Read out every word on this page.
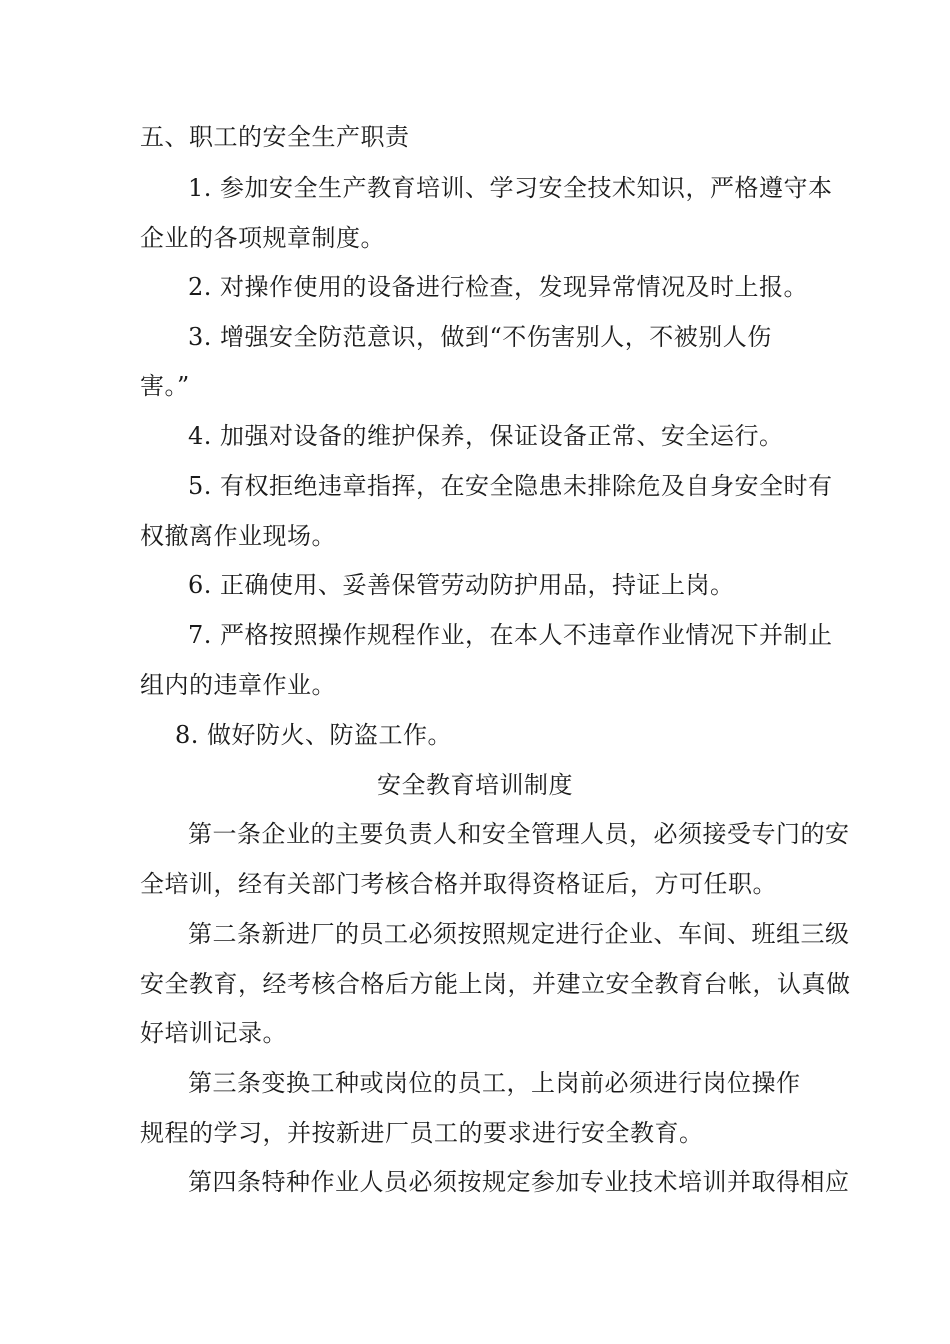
五、职工的安全生产职责
1. 参加安全生产教育培训、学习安全技术知识，严格遵守本
企业的各项规章制度。
2. 对操作使用的设备进行检查，发现异常情况及时上报。
3. 增强安全防范意识，做到“不伤害别人，不被别人伤
害。”
4. 加强对设备的维护保养，保证设备正常、安全运行。
5. 有权拒绝违章指挥，在安全隐患未排除危及自身安全时有
权撤离作业现场。
6. 正确使用、妥善保管劳动防护用品，持证上岗。
7. 严格按照操作规程作业，在本人不违章作业情况下并制止
组内的违章作业。
8. 做好防火、防盗工作。
安全教育培训制度
第一条企业的主要负责人和安全管理人员，必须接受专门的安
全培训，经有关部门考核合格并取得资格证后，方可任职。
第二条新进厂的员工必须按照规定进行企业、车间、班组三级
安全教育，经考核合格后方能上岗，并建立安全教育台帐，认真做
好培训记录。
第三条变换工种或岗位的员工，上岗前必须进行岗位操作
规程的学习，并按新进厂员工的要求进行安全教育。
第四条特种作业人员必须按规定参加专业技术培训并取得相应
